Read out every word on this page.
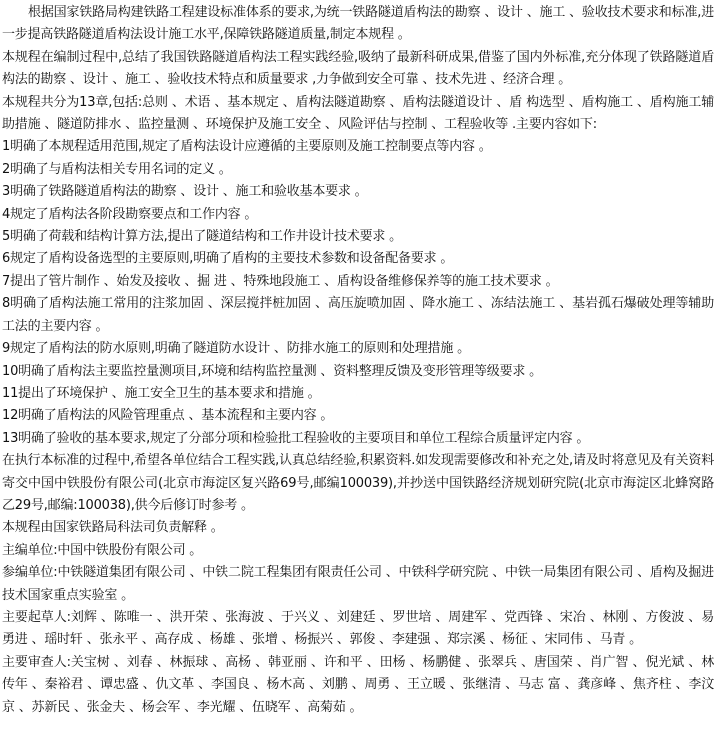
根据国家铁路局构建铁路工程建设标准体系的要求,为统一铁路隧道盾构法的勘察 、设计 、施工 、验收技术要求和标准,进一步提高铁路隧道盾构法设计施工水平,保障铁路隧道质量,制定本规程 。

本规程在编制过程中,总结了我国铁路隧道盾构法工程实践经验,吸纳了最新科研成果,借鉴了国内外标准,充分体现了铁路隧道盾构法的勘察 、设计 、施工 、验收技术特点和质量要求 ,力争做到安全可靠 、技术先进 、经济合理 。

本规程共分为13章,包括:总则 、术语 、基本规定 、盾构法隧道勘察 、盾构法隧道设计 、盾 构选型 、盾构施工 、盾构施工辅助措施 、隧道防排水 、监控量测 、环境保护及施工安全 、风险评估与控制 、工程验收等 .主要内容如下:

1明确了本规程适用范围,规定了盾构法设计应遵循的主要原则及施工控制要点等内容 。

2明确了与盾构法相关专用名词的定义 。

3明确了铁路隧道盾构法的勘察 、设计 、施工和验收基本要求 。

4规定了盾构法各阶段勘察要点和工作内容 。

5明确了荷载和结构计算方法,提出了隧道结构和工作井设计技术要求 。

6规定了盾构设备选型的主要原则,明确了盾构的主要技术参数和设备配备要求 。

7提出了管片制作 、始发及接收 、掘 进 、特殊地段施工 、盾构设备维修保养等的施工技术要求 。

8明确了盾构法施工常用的注浆加固 、深层搅拌桩加固 、高压旋喷加固 、降水施工 、冻结法施工 、基岩孤石爆破处理等辅助工法的主要内容 。

9规定了盾构法的防水原则,明确了隧道防水设计 、防排水施工的原则和处理措施 。

10明确了盾构法主要监控量测项目,环境和结构监控量测 、资料整理反馈及变形管理等级要求 。

11提出了环境保护 、施工安全卫生的基本要求和措施 。

12明确了盾构法的风险管理重点 、基本流程和主要内容 。

13明确了验收的基本要求,规定了分部分项和检验批工程验收的主要项目和单位工程综合质量评定内容 。

在执行本标准的过程中,希望各单位结合工程实践,认真总结经验,积累资料.如发现需要修改和补充之处,请及时将意见及有关资料寄交中国中铁股份有限公司(北京市海淀区复兴路69号,邮编100039),并抄送中国铁路经济规划研究院(北京市海淀区北蜂窝路乙29号,邮编:100038),供今后修订时参考 。

本规程由国家铁路局科法司负责解释 。

主编单位:中国中铁股份有限公司 。

参编单位:中铁隧道集团有限公司 、中铁二院工程集团有限责任公司 、中铁科学研究院 、中铁一局集团有限公司 、盾构及掘进技术国家重点实验室 。

主要起草人:刘辉 、陈唯一 、洪开荣 、张海波 、于兴义 、刘建廷 、罗世培 、周建军 、党西锋 、宋冶 、林刚 、方俊波 、易勇进 、瑶时轩 、张永平 、高存成 、杨雄 、张增 、杨振兴 、郭俊 、李建强 、郑宗溪 、杨征 、宋同伟 、马青 。

主要审查人:关宝树 、刘春 、林振球 、高杨 、韩亚丽 、许和平 、田杨 、杨鹏健 、张翠兵 、唐国荣 、肖广智 、倪光斌 、林传年 、秦裕君 、谭忠盛 、仇文革 、李国良 、杨木高 、刘鹏 、周勇 、王立暖 、张继清 、马志 富 、龚彦峰 、焦齐柱 、李汶京 、苏新民 、张金夫 、杨会军 、李光耀 、伍晓军 、高菊茹 。
